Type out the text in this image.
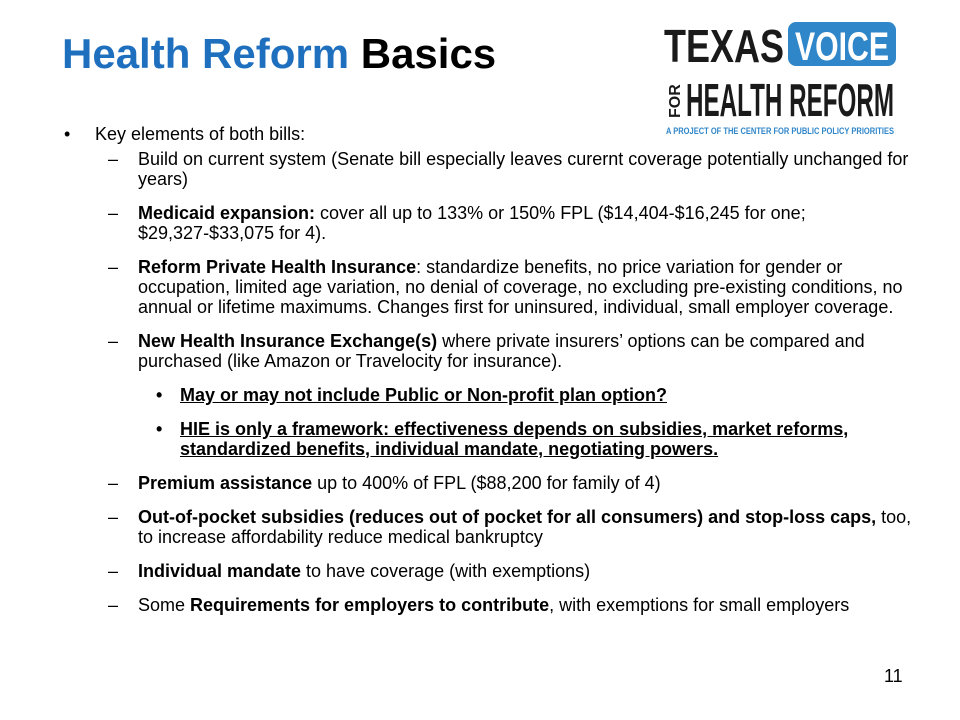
Health Reform Basics	TEXAS VOICE
FOR HEALTH REFORM
A PROJECT OF THE CENTER FOR PUBLIC POLICY PRIORITIES
• Key elements of both bills:
– Build on current system (Senate bill especially leaves curernt coverage potentially unchanged for years)
– Medicaid expansion: cover all up to 133% or 150% FPL ($14,404-$16,245 for one; $29,327-$33,075 for 4).
– Reform Private Health Insurance: standardize benefits, no price variation for gender or occupation, limited age variation, no denial of coverage, no excluding pre-existing conditions, no annual or lifetime maximums. Changes first for uninsured, individual, small employer coverage.
– New Health Insurance Exchange(s) where private insurers’ options can be compared and purchased (like Amazon or Travelocity for insurance).
• May or may not include Public or Non-profit plan option?
• HIE is only a framework: effectiveness depends on subsidies, market reforms, standardized benefits, individual mandate, negotiating powers.
– Premium assistance up to 400% of FPL ($88,200 for family of 4)
– Out-of-pocket subsidies (reduces out of pocket for all consumers) and stop-loss caps, too, to increase affordability reduce medical bankruptcy
– Individual mandate to have coverage (with exemptions)
– Some Requirements for employers to contribute, with exemptions for small employers
11
